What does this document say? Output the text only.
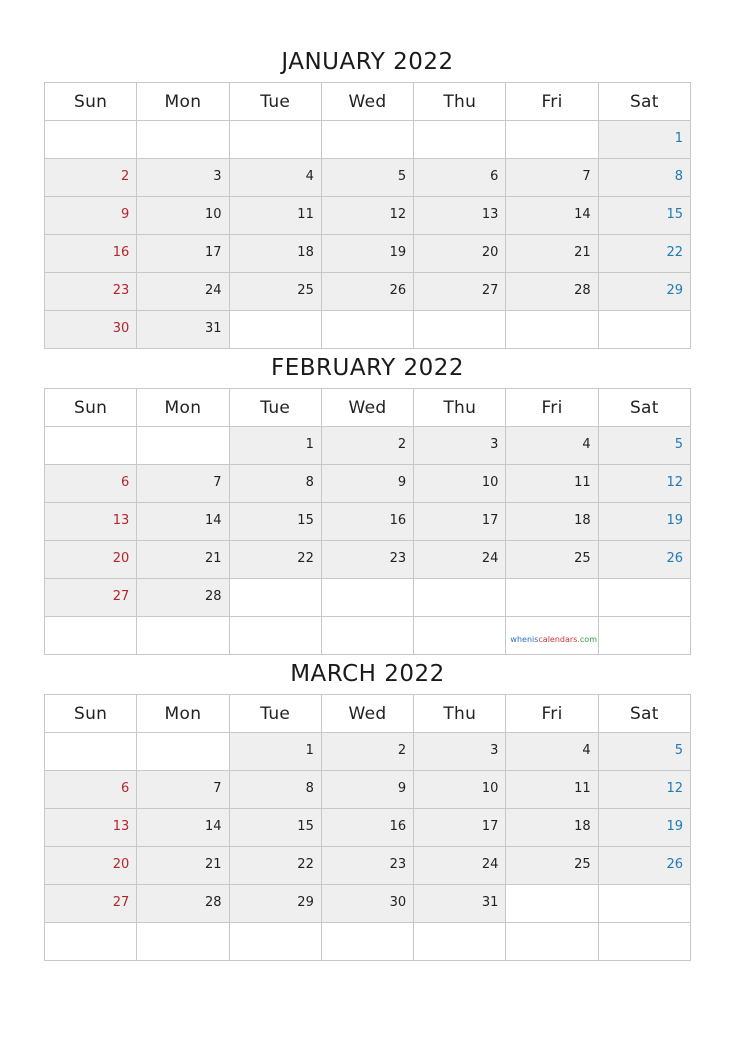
JANUARY 2022
Sun	Mon	Tue	Wed	Thu	Fri	Sat
						1
2	3	4	5	6	7	8
9	10	11	12	13	14	15
16	17	18	19	20	21	22
23	24	25	26	27	28	29
30	31					
FEBRUARY 2022
Sun	Mon	Tue	Wed	Thu	Fri	Sat
		1	2	3	4	5
6	7	8	9	10	11	12
13	14	15	16	17	18	19
20	21	22	23	24	25	26
27	28					

					wheniscalendars.com	

MARCH 2022
Sun	Mon	Tue	Wed	Thu	Fri	Sat
		1	2	3	4	5
6	7	8	9	10	11	12
13	14	15	16	17	18	19
20	21	22	23	24	25	26
27	28	29	30	31		
